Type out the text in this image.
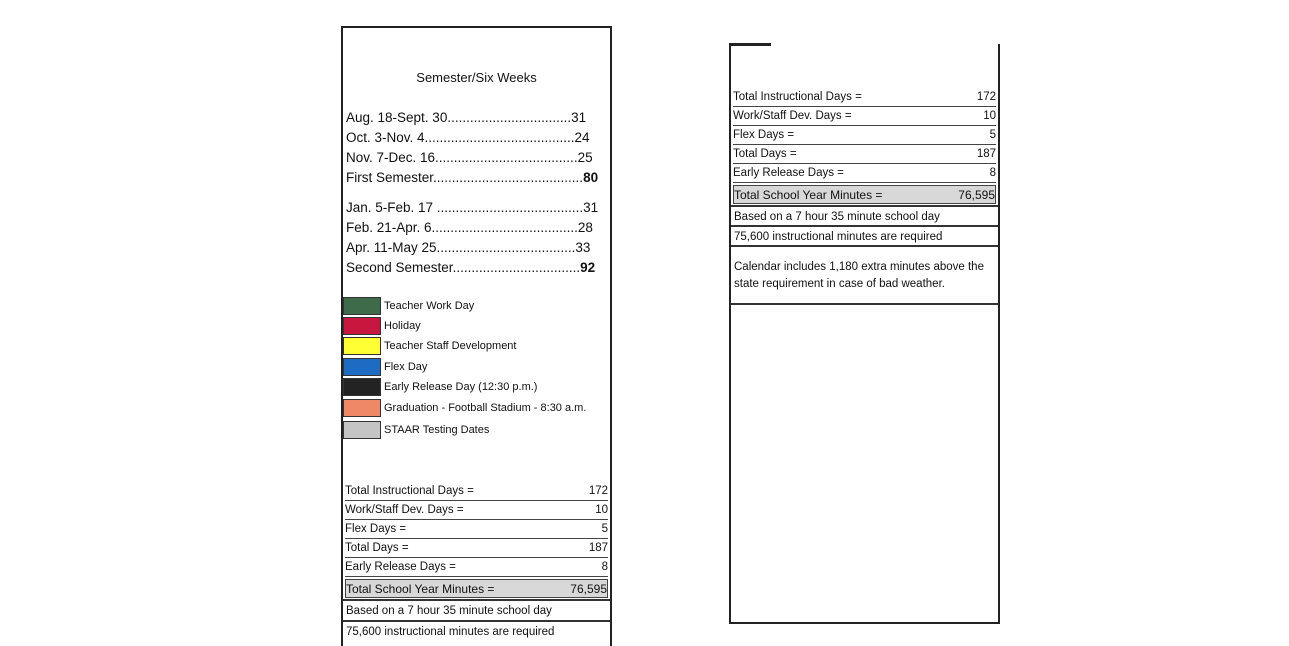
Semester/Six Weeks
Aug. 18-Sept. 30.................................31
Oct. 3-Nov. 4........................................24
Nov. 7-Dec. 16......................................25
First Semester........................................80
Jan. 5-Feb. 17 .......................................31
Feb. 21-Apr. 6.......................................28
Apr. 11-May 25.....................................33
Second Semester..................................92
Teacher Work Day
Holiday
Teacher Staff Development
Flex Day
Early Release Day (12:30 p.m.)
Graduation - Football Stadium - 8:30 a.m.
STAAR Testing Dates
Total Instructional Days =	172
Work/Staff Dev. Days =	10
Flex Days =	5
Total Days =	187
Early Release Days =	8
Total School Year Minutes =	76,595
Based on a 7 hour 35 minute school day
75,600 instructional minutes are required
Total Instructional Days =	172
Work/Staff Dev. Days =	10
Flex Days =	5
Total Days =	187
Early Release Days =	8
Total School Year Minutes =	76,595
Based on a 7 hour 35 minute school day
75,600 instructional minutes are required
Calendar includes 1,180 extra minutes above the state requirement in case of bad weather.
